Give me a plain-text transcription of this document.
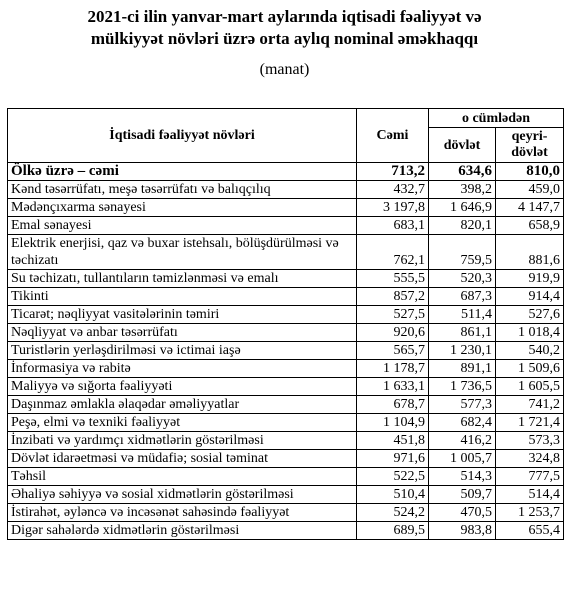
2021-ci ilin yanvar-mart aylarında iqtisadi fəaliyyət və
mülkiyyət növləri üzrə orta aylıq nominal əməkhaqqı
(manat)
İqtisadi fəaliyyət növləri	Cəmi	o cümlədən	
		dövlət	qeyri-dövlət
Ölkə üzrə – cəmi	713,2	634,6	810,0
Kənd təsərrüfatı, meşə təsərrüfatı və balıqçılıq	432,7	398,2	459,0
Mədənçıxarma sənayesi	3 197,8	1 646,9	4 147,7
Emal sənayesi	683,1	820,1	658,9
Elektrik enerjisi, qaz və buxar istehsalı, bölüşdürülməsi və təchizatı	762,1	759,5	881,6
Su təchizatı, tullantıların təmizlənməsi və emalı	555,5	520,3	919,9
Tikinti	857,2	687,3	914,4
Ticarət; nəqliyyat vasitələrinin təmiri	527,5	511,4	527,6
Nəqliyyat və anbar təsərrüfatı	920,6	861,1	1 018,4
Turistlərin yerləşdirilməsi və ictimai iaşə	565,7	1 230,1	540,2
İnformasiya və rabitə	1 178,7	891,1	1 509,6
Maliyyə və sığorta fəaliyyəti	1 633,1	1 736,5	1 605,5
Daşınmaz əmlakla əlaqədar əməliyyatlar	678,7	577,3	741,2
Peşə, elmi və texniki fəaliyyət	1 104,9	682,4	1 721,4
İnzibati və yardımçı xidmətlərin göstərilməsi	451,8	416,2	573,3
Dövlət idarəetməsi və müdafiə; sosial təminat	971,6	1 005,7	324,8
Təhsil	522,5	514,3	777,5
Əhaliyə səhiyyə və sosial xidmətlərin göstərilməsi	510,4	509,7	514,4
İstirahət, əyləncə və incəsənət sahəsində fəaliyyət	524,2	470,5	1 253,7
Digər sahələrdə xidmətlərin göstərilməsi	689,5	983,8	655,4
